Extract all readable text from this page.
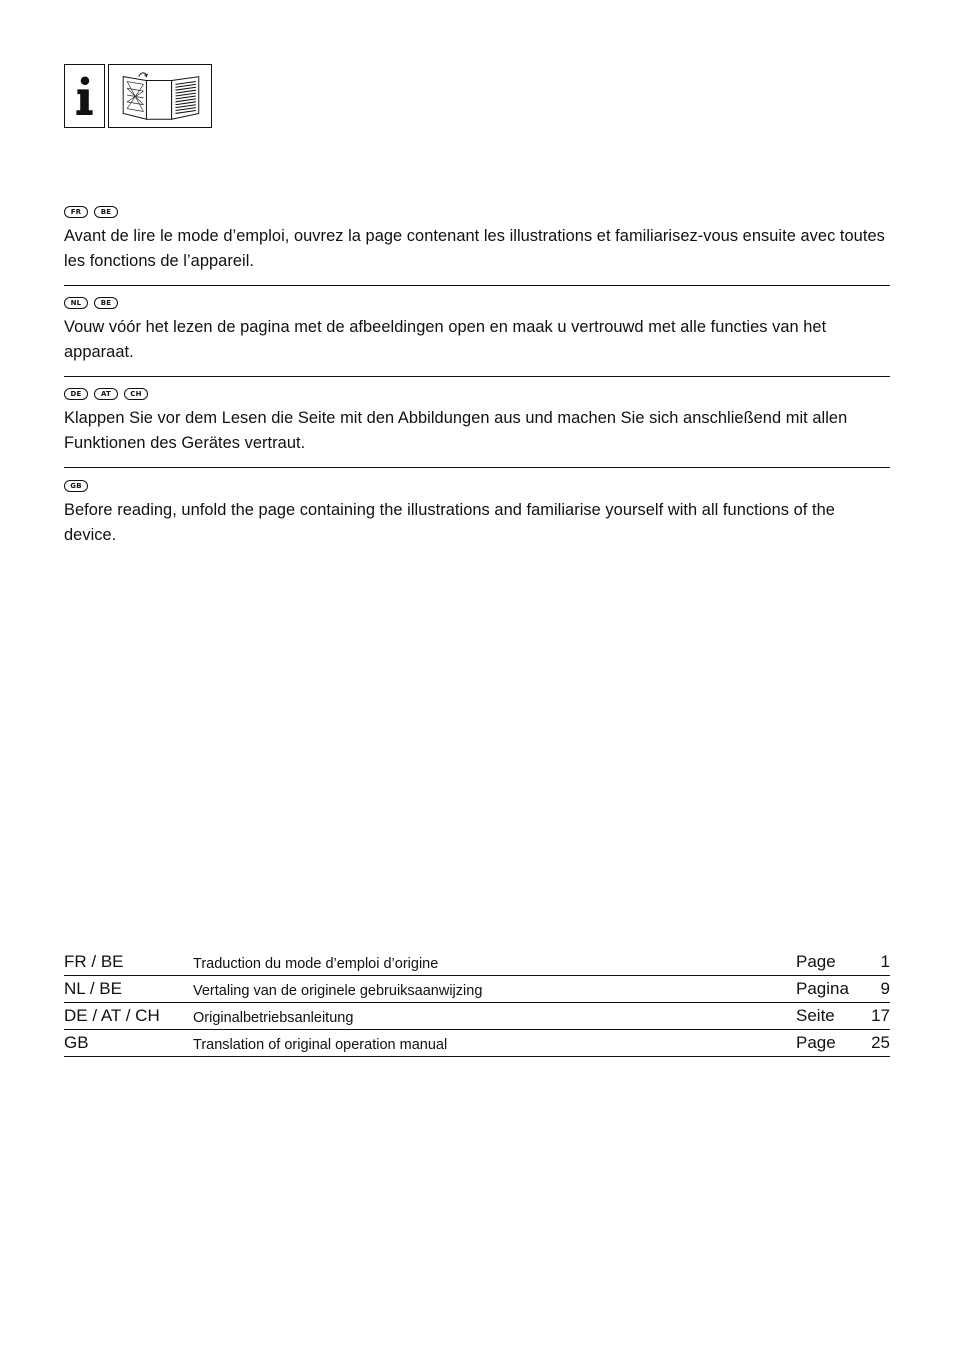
FR	BE

Avant de lire le mode d’emploi, ouvrez la page contenant les illustrations et familiarisez-vous ensuite avec toutes les fonctions de l’appareil.

NL	BE

Vouw vóór het lezen de pagina met de afbeeldingen open en maak u vertrouwd met alle functies van het apparaat.

DE	AT	CH

Klappen Sie vor dem Lesen die Seite mit den Abbildungen aus und machen Sie sich anschließend mit allen Funktionen des Gerätes vertraut.

GB

Before reading, unfold the page containing the illustrations and familiarise yourself with all functions of the device.

FR / BE	Traduction du mode d’emploi d’origine	Page	1
NL / BE	Vertaling van de originele gebruiksaanwijzing	Pagina	9
DE / AT / CH	Originalbetriebsanleitung	Seite	17
GB	Translation of original operation manual	Page	25
